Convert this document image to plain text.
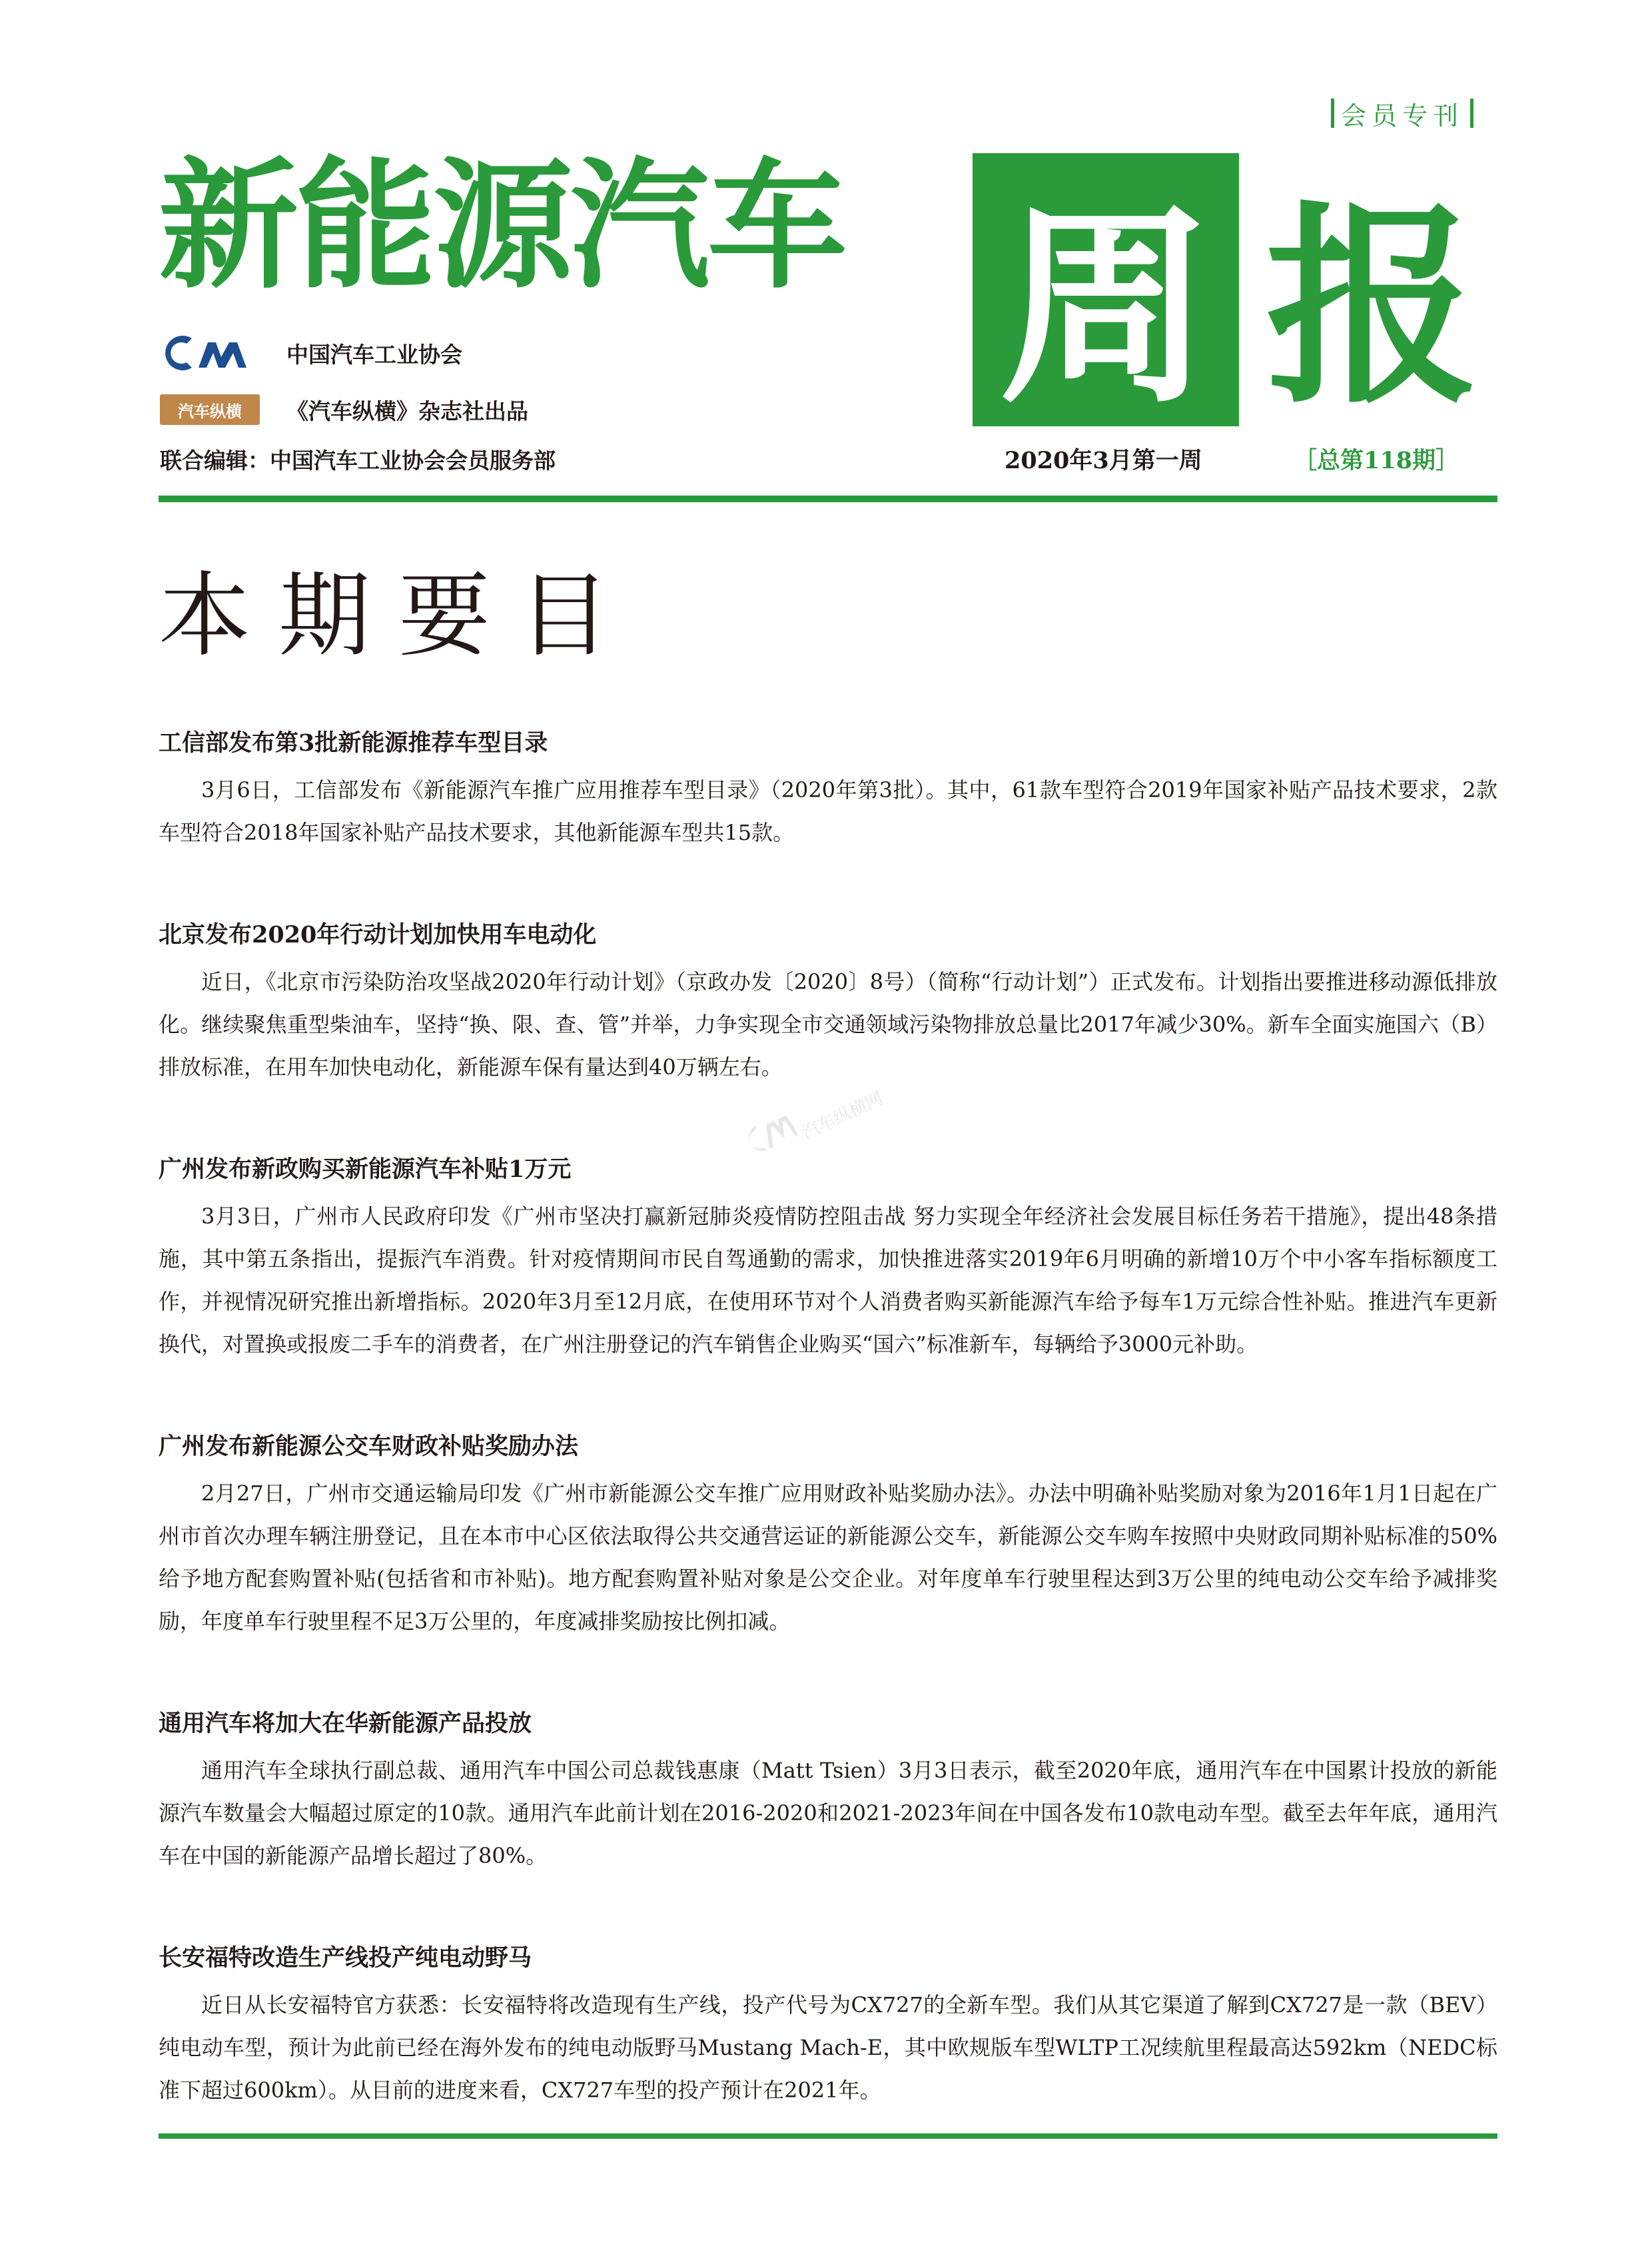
会员专刊
新能源汽车 周 报
中国汽车工业协会
汽车纵横 《汽车纵横》杂志社出品
联合编辑：中国汽车工业协会会员服务部	2020年3月第一周	［总第118期］
本期要目
汽车纵横网
工信部发布第3批新能源推荐车型目录

3月6日，工信部发布《新能源汽车推广应用推荐车型目录》（2020年第3批）。其中，61款车型符合2019年国家补贴产品技术要求，2款车型符合2018年国家补贴产品技术要求，其他新能源车型共15款。

北京发布2020年行动计划加快用车电动化

近日，《北京市污染防治攻坚战2020年行动计划》（京政办发〔2020〕8号）（简称“行动计划”）正式发布。计划指出要推进移动源低排放化。继续聚焦重型柴油车，坚持“换、限、查、管”并举，力争实现全市交通领域污染物排放总量比2017年减少30%。新车全面实施国六（B）排放标准，在用车加快电动化，新能源车保有量达到40万辆左右。

广州发布新政购买新能源汽车补贴1万元

3月3日，广州市人民政府印发《广州市坚决打赢新冠肺炎疫情防控阻击战 努力实现全年经济社会发展目标任务若干措施》，提出48条措施，其中第五条指出，提振汽车消费。针对疫情期间市民自驾通勤的需求，加快推进落实2019年6月明确的新增10万个中小客车指标额度工作，并视情况研究推出新增指标。2020年3月至12月底，在使用环节对个人消费者购买新能源汽车给予每车1万元综合性补贴。推进汽车更新换代，对置换或报废二手车的消费者，在广州注册登记的汽车销售企业购买“国六”标准新车，每辆给予3000元补助。

广州发布新能源公交车财政补贴奖励办法

2月27日，广州市交通运输局印发《广州市新能源公交车推广应用财政补贴奖励办法》。办法中明确补贴奖励对象为2016年1月1日起在广州市首次办理车辆注册登记，且在本市中心区依法取得公共交通营运证的新能源公交车，新能源公交车购车按照中央财政同期补贴标准的50%给予地方配套购置补贴(包括省和市补贴)。地方配套购置补贴对象是公交企业。对年度单车行驶里程达到3万公里的纯电动公交车给予减排奖励，年度单车行驶里程不足3万公里的，年度减排奖励按比例扣减。

通用汽车将加大在华新能源产品投放

通用汽车全球执行副总裁、通用汽车中国公司总裁钱惠康（Matt Tsien）3月3日表示，截至2020年底，通用汽车在中国累计投放的新能源汽车数量会大幅超过原定的10款。通用汽车此前计划在2016-2020和2021-2023年间在中国各发布10款电动车型。截至去年年底，通用汽车在中国的新能源产品增长超过了80%。

长安福特改造生产线投产纯电动野马

近日从长安福特官方获悉：长安福特将改造现有生产线，投产代号为CX727的全新车型。我们从其它渠道了解到CX727是一款（BEV）纯电动车型，预计为此前已经在海外发布的纯电动版野马Mustang Mach-E，其中欧规版车型WLTP工况续航里程最高达592km（NEDC标准下超过600km）。从目前的进度来看，CX727车型的投产预计在2021年。
